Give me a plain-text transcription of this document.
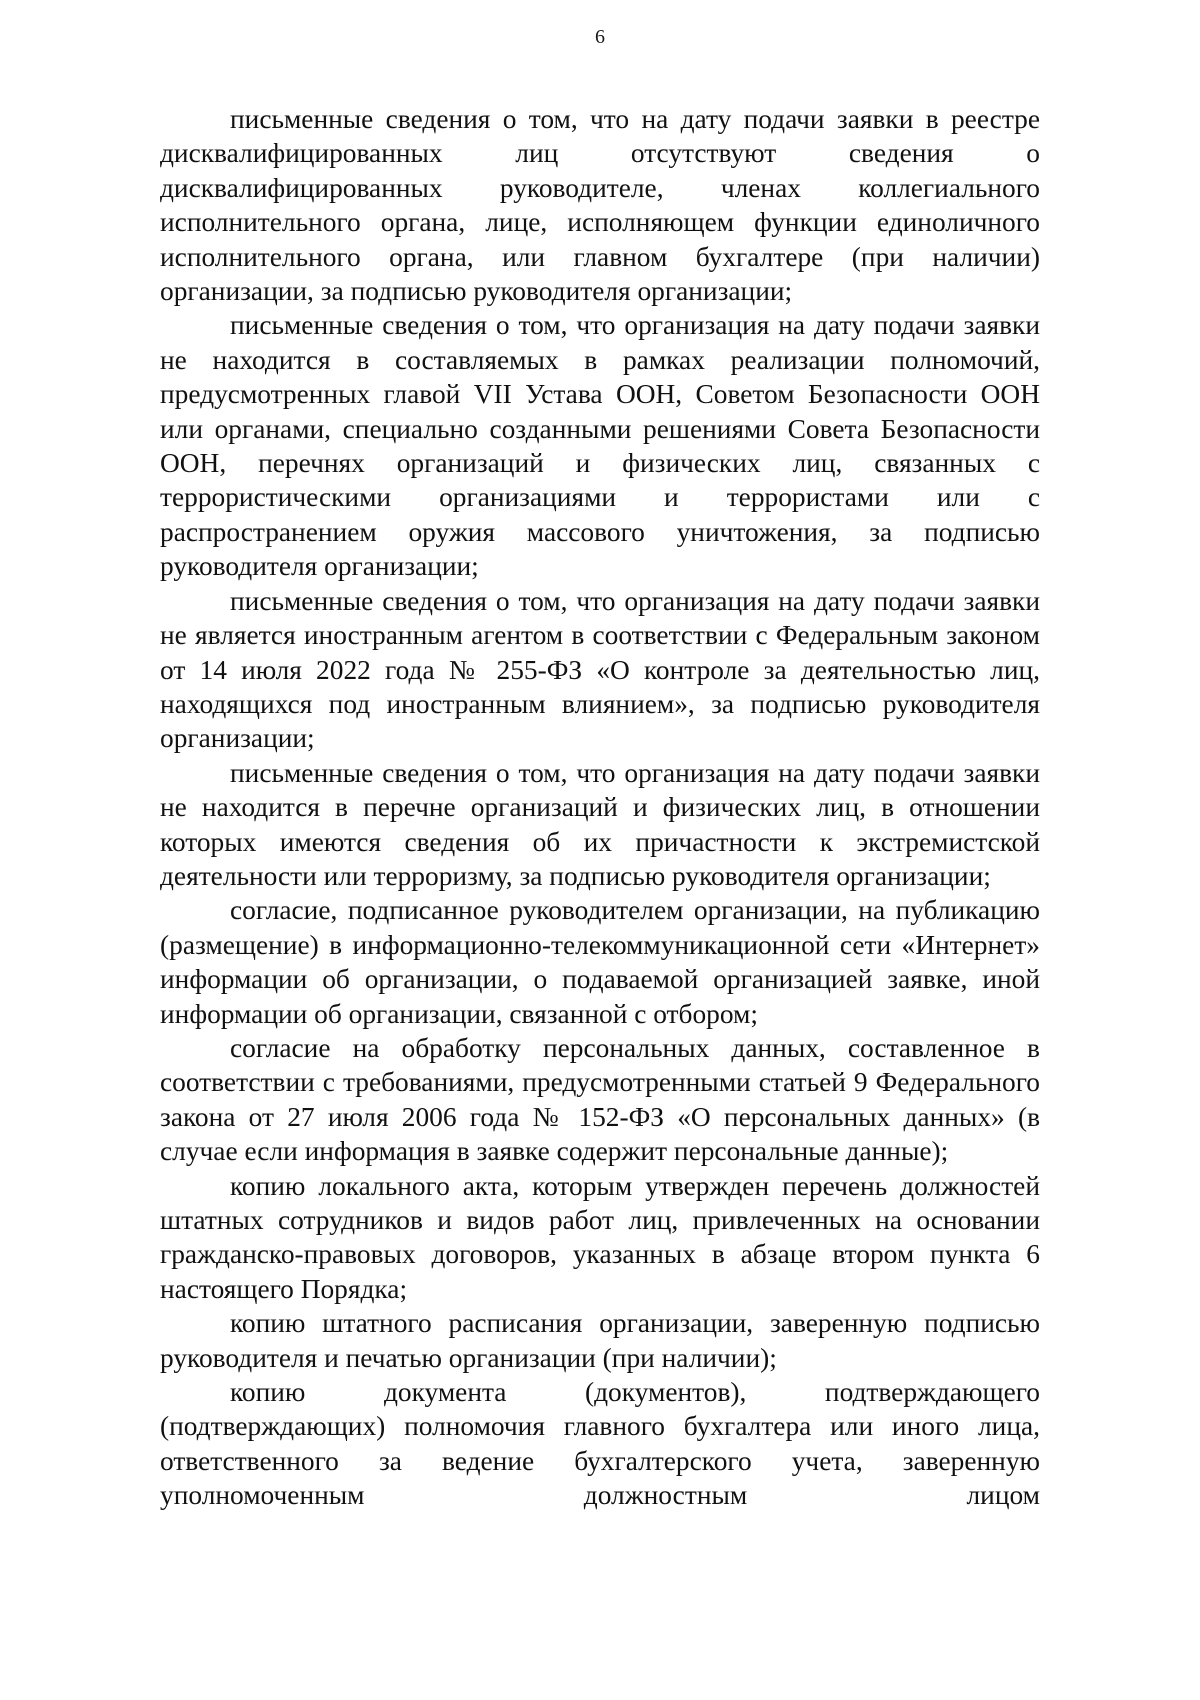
6

письменные сведения о том, что на дату подачи заявки в реестре дисквалифицированных лиц отсутствуют сведения о дисквалифицированных руководителе, членах коллегиального исполнительного органа, лице, исполняющем функции единоличного исполнительного органа, или главном бухгалтере (при наличии) организации, за подписью руководителя организации;

письменные сведения о том, что организация на дату подачи заявки не находится в составляемых в рамках реализации полномочий, предусмотренных главой VII Устава ООН, Советом Безопасности ООН или органами, специально созданными решениями Совета Безопасности ООН, перечнях организаций и физических лиц, связанных с террористическими организациями и террористами или с распространением оружия массового уничтожения, за подписью руководителя организации;

письменные сведения о том, что организация на дату подачи заявки не является иностранным агентом в соответствии с Федеральным законом от 14 июля 2022 года № 255-ФЗ «О контроле за деятельностью лиц, находящихся под иностранным влиянием», за подписью руководителя организации;

письменные сведения о том, что организация на дату подачи заявки не находится в перечне организаций и физических лиц, в отношении которых имеются сведения об их причастности к экстремистской деятельности или терроризму, за подписью руководителя организации;

согласие, подписанное руководителем организации, на публикацию (размещение) в информационно-телекоммуникационной сети «Интернет» информации об организации, о подаваемой организацией заявке, иной информации об организации, связанной с отбором;

согласие на обработку персональных данных, составленное в соответствии с требованиями, предусмотренными статьей 9 Федерального закона от 27 июля 2006 года № 152-ФЗ «О персональных данных» (в случае если информация в заявке содержит персональные данные);

копию локального акта, которым утвержден перечень должностей штатных сотрудников и видов работ лиц, привлеченных на основании гражданско-правовых договоров, указанных в абзаце втором пункта 6 настоящего Порядка;

копию штатного расписания организации, заверенную подписью руководителя и печатью организации (при наличии);

копию документа (документов), подтверждающего (подтверждающих) полномочия главного бухгалтера или иного лица, ответственного за ведение бухгалтерского учета, заверенную уполномоченным должностным лицом
